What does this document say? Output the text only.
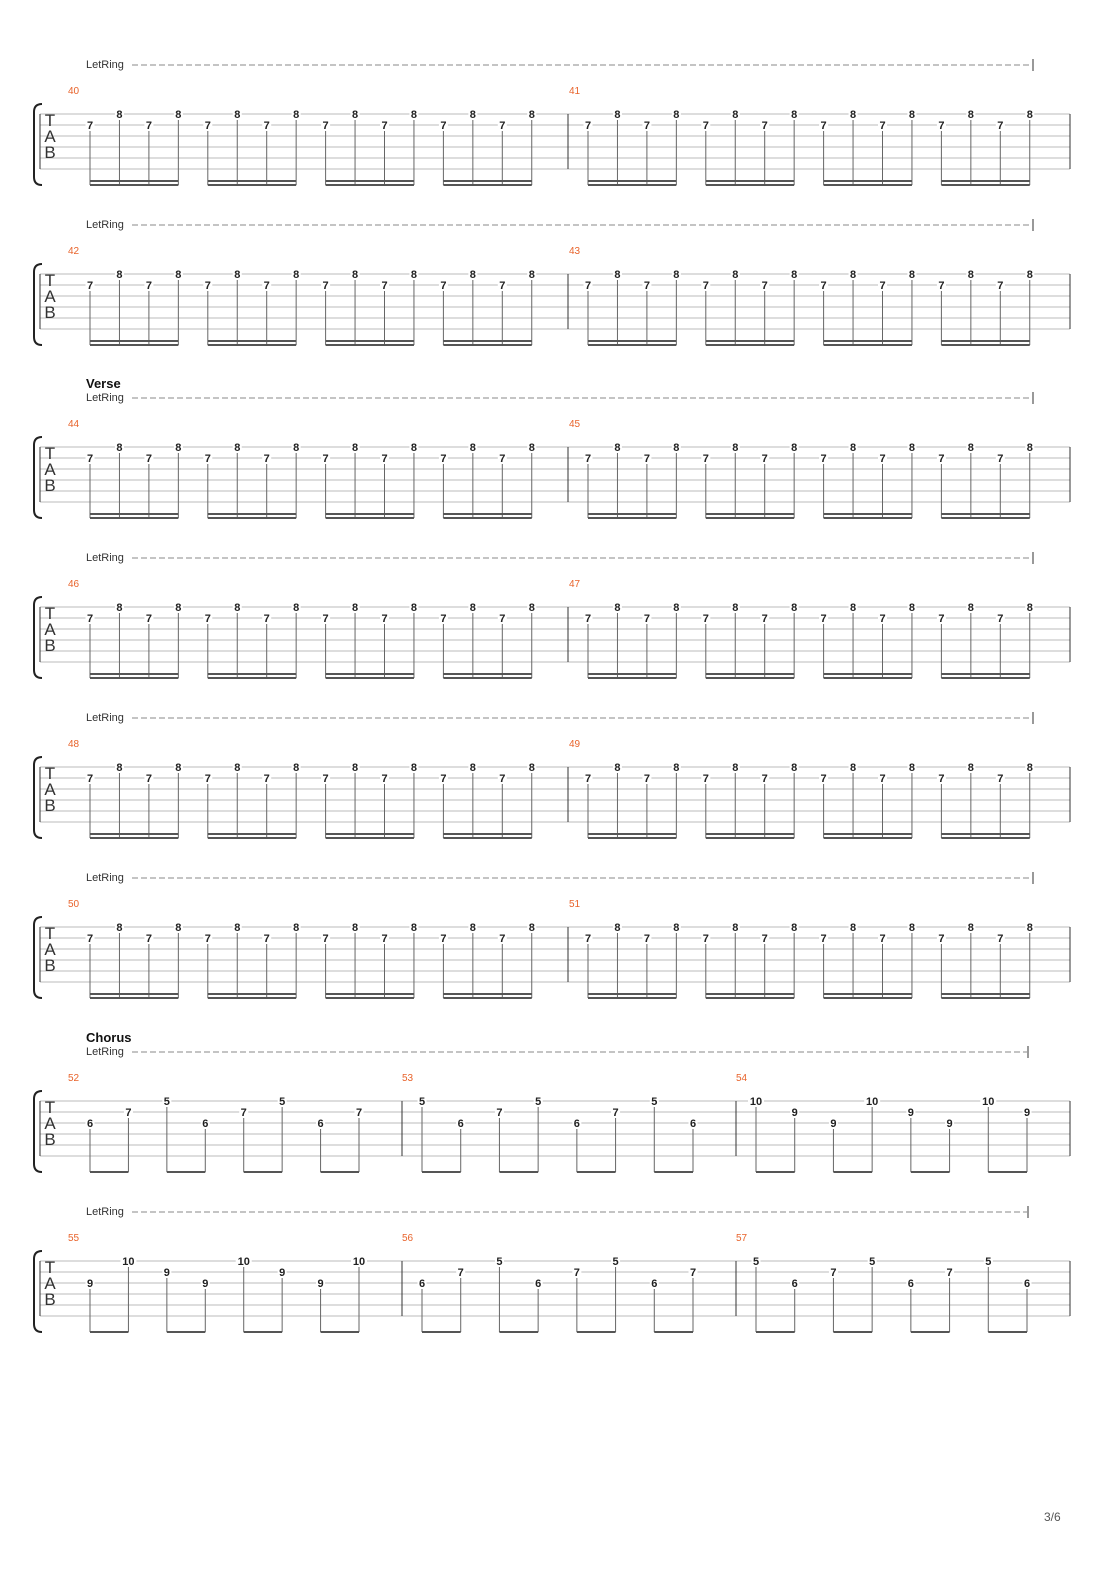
LetRing
T
A
B
40
7
8
7
8
7
8
7
8
7
8
7
8
7
8
7
8
41
7
8
7
8
7
8
7
8
7
8
7
8
7
8
7
8
LetRing
T
A
B
42
7
8
7
8
7
8
7
8
7
8
7
8
7
8
7
8
43
7
8
7
8
7
8
7
8
7
8
7
8
7
8
7
8
Verse
LetRing
T
A
B
44
7
8
7
8
7
8
7
8
7
8
7
8
7
8
7
8
45
7
8
7
8
7
8
7
8
7
8
7
8
7
8
7
8
LetRing
T
A
B
46
7
8
7
8
7
8
7
8
7
8
7
8
7
8
7
8
47
7
8
7
8
7
8
7
8
7
8
7
8
7
8
7
8
LetRing
T
A
B
48
7
8
7
8
7
8
7
8
7
8
7
8
7
8
7
8
49
7
8
7
8
7
8
7
8
7
8
7
8
7
8
7
8
LetRing
T
A
B
50
7
8
7
8
7
8
7
8
7
8
7
8
7
8
7
8
51
7
8
7
8
7
8
7
8
7
8
7
8
7
8
7
8
Chorus
LetRing
T
A
B
52
6
7
5
6
7
5
6
7
53
5
6
7
5
6
7
5
6
54
10
9
9
10
9
9
10
9
LetRing
T
A
B
55
9
10
9
9
10
9
9
10
56
6
7
5
6
7
5
6
7
57
5
6
7
5
6
7
5
6
3/6
